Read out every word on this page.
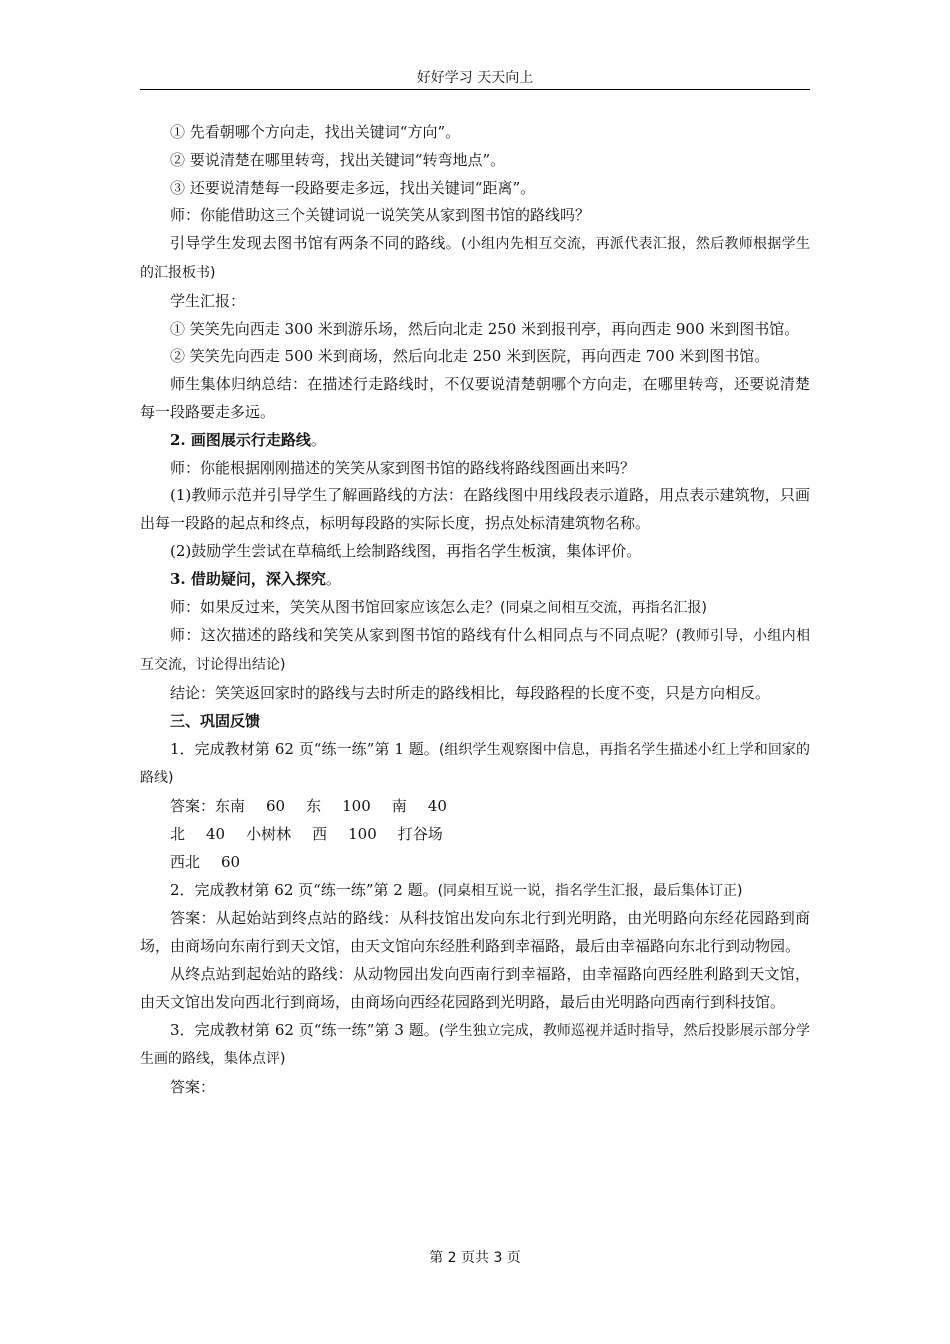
好好学习 天天向上

① 先看朝哪个方向走，找出关键词“方向”。

② 要说清楚在哪里转弯，找出关键词“转弯地点”。

③ 还要说清楚每一段路要走多远，找出关键词“距离”。

师：你能借助这三个关键词说一说笑笑从家到图书馆的路线吗？

引导学生发现去图书馆有两条不同的路线。(小组内先相互交流，再派代表汇报，然后教师根据学生的汇报板书)

学生汇报：

① 笑笑先向西走 300 米到游乐场，然后向北走 250 米到报刊亭，再向西走 900 米到图书馆。

② 笑笑先向西走 500 米到商场，然后向北走 250 米到医院，再向西走 700 米到图书馆。

师生集体归纳总结：在描述行走路线时，不仅要说清楚朝哪个方向走，在哪里转弯，还要说清楚每一段路要走多远。

2. 画图展示行走路线。

师：你能根据刚刚描述的笑笑从家到图书馆的路线将路线图画出来吗？

(1)教师示范并引导学生了解画路线的方法：在路线图中用线段表示道路，用点表示建筑物，只画出每一段路的起点和终点，标明每段路的实际长度，拐点处标清建筑物名称。

(2)鼓励学生尝试在草稿纸上绘制路线图，再指名学生板演，集体评价。

3. 借助疑问，深入探究。

师：如果反过来，笑笑从图书馆回家应该怎么走？(同桌之间相互交流，再指名汇报)

师：这次描述的路线和笑笑从家到图书馆的路线有什么相同点与不同点呢？(教师引导，小组内相互交流，讨论得出结论)

结论：笑笑返回家时的路线与去时所走的路线相比，每段路程的长度不变，只是方向相反。

三、巩固反馈

1．完成教材第 62 页“练一练”第 1 题。(组织学生观察图中信息，再指名学生描述小红上学和回家的路线)

答案：东南 60 东 100 南 40

北 40 小树林 西 100 打谷场

西北 60

2．完成教材第 62 页“练一练”第 2 题。(同桌相互说一说，指名学生汇报，最后集体订正)

答案：从起始站到终点站的路线：从科技馆出发向东北行到光明路，由光明路向东经花园路到商场，由商场向东南行到天文馆，由天文馆向东经胜利路到幸福路，最后由幸福路向东北行到动物园。

从终点站到起始站的路线：从动物园出发向西南行到幸福路，由幸福路向西经胜利路到天文馆，由天文馆出发向西北行到商场，由商场向西经花园路到光明路，最后由光明路向西南行到科技馆。

3．完成教材第 62 页“练一练”第 3 题。(学生独立完成，教师巡视并适时指导，然后投影展示部分学生画的路线，集体点评)

答案：

第 2 页共 3 页
